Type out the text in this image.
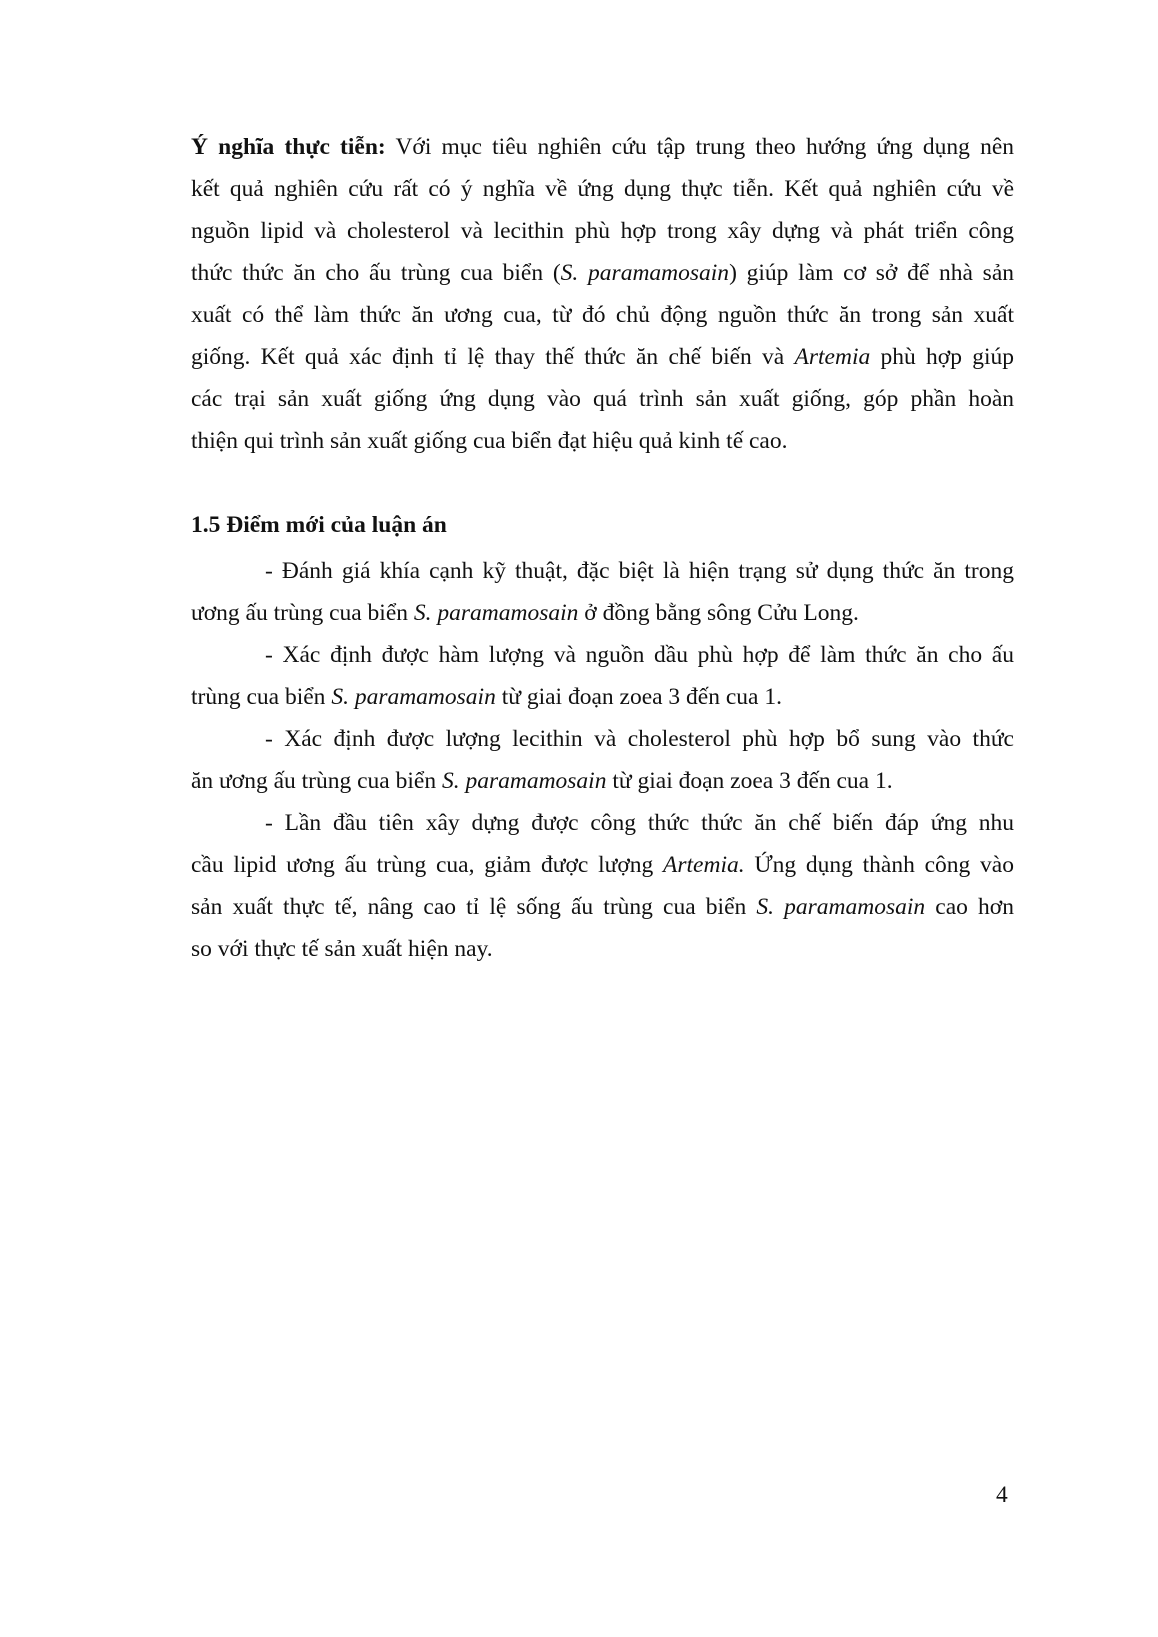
Ý nghĩa thực tiễn: Với mục tiêu nghiên cứu tập trung theo hướng ứng dụng nên
kết quả nghiên cứu rất có ý nghĩa về ứng dụng thực tiễn. Kết quả nghiên cứu về
nguồn lipid và cholesterol và lecithin phù hợp trong xây dựng và phát triển công
thức thức ăn cho ấu trùng cua biển (S. paramamosain) giúp làm cơ sở để nhà sản
xuất có thể làm thức ăn ương cua, từ đó chủ động nguồn thức ăn trong sản xuất
giống. Kết quả xác định tỉ lệ thay thế thức ăn chế biến và Artemia phù hợp giúp
các trại sản xuất giống ứng dụng vào quá trình sản xuất giống, góp phần hoàn
thiện qui trình sản xuất giống cua biển đạt hiệu quả kinh tế cao.
1.5 Điểm mới của luận án
- Đánh giá khía cạnh kỹ thuật, đặc biệt là hiện trạng sử dụng thức ăn trong
ương ấu trùng cua biển S. paramamosain ở đồng bằng sông Cửu Long.
- Xác định được hàm lượng và nguồn dầu phù hợp để làm thức ăn cho ấu
trùng cua biển S. paramamosain từ giai đoạn zoea 3 đến cua 1.
- Xác định được lượng lecithin và cholesterol phù hợp bổ sung vào thức
ăn ương ấu trùng cua biển S. paramamosain từ giai đoạn zoea 3 đến cua 1.
- Lần đầu tiên xây dựng được công thức thức ăn chế biến đáp ứng nhu
cầu lipid ương ấu trùng cua, giảm được lượng Artemia. Ứng dụng thành công vào
sản xuất thực tế, nâng cao tỉ lệ sống ấu trùng cua biển S. paramamosain cao hơn
so với thực tế sản xuất hiện nay.
4
